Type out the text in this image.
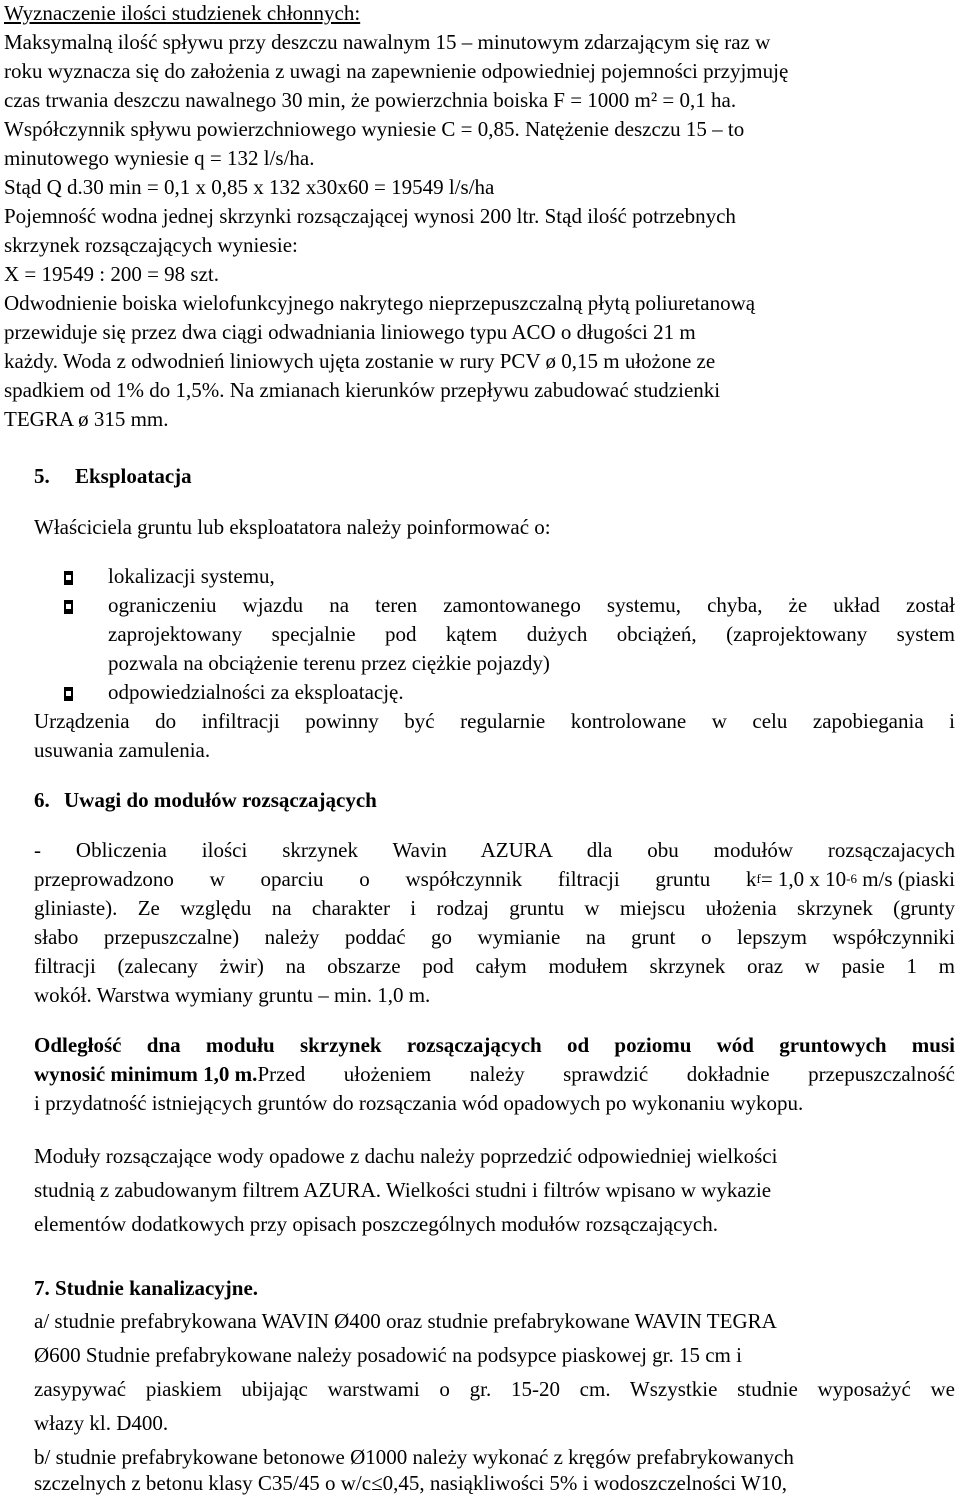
Wyznaczenie ilości studzienek chłonnych:
Maksymalną ilość spływu przy deszczu nawalnym 15 – minutowym zdarzającym się raz w
roku wyznacza się do założenia z uwagi na zapewnienie odpowiedniej pojemności przyjmuję
czas trwania deszczu nawalnego 30 min, że powierzchnia boiska F = 1000 m² = 0,1 ha.
Współczynnik spływu powierzchniowego wyniesie C = 0,85. Natężenie deszczu 15 – to
minutowego wyniesie q = 132 l/s/ha.
Stąd Q d.30 min = 0,1 x 0,85 x 132 x30x60 = 19549 l/s/ha
Pojemność wodna jednej skrzynki rozsączającej wynosi 200 ltr. Stąd ilość potrzebnych
skrzynek rozsączających wyniesie:
X = 19549 : 200 = 98 szt.
Odwodnienie boiska wielofunkcyjnego nakrytego nieprzepuszczalną płytą poliuretanową
przewiduje się przez dwa ciągi odwadniania liniowego typu ACO o długości 21 m
każdy. Woda z odwodnień liniowych ujęta zostanie w rury PCV ø 0,15 m ułożone ze
spadkiem od 1% do 1,5%. Na zmianach kierunków przepływu zabudować studzienki
TEGRA ø 315 mm.
5. Eksploatacja
Właściciela gruntu lub eksploatatora należy poinformować o:
lokalizacji systemu,
ograniczeniu wjazdu na teren zamontowanego systemu, chyba, że układ został
zaprojektowany specjalnie pod kątem dużych obciążeń, (zaprojektowany system
pozwala na obciążenie terenu przez ciężkie pojazdy)
odpowiedzialności za eksploatację.
Urządzenia do infiltracji powinny być regularnie kontrolowane w celu zapobiegania i
usuwania zamulenia.
6. Uwagi do modułów rozsączających
- Obliczenia ilości skrzynek Wavin AZURA dla obu modułów rozsączajacych
przeprowadzono w oparciu o współczynnik filtracji gruntu k f = 1,0 x 10 -6 m/s (piaski
gliniaste). Ze względu na charakter i rodzaj gruntu w miejscu ułożenia skrzynek (grunty
słabo przepuszczalne) należy poddać go wymianie na grunt o lepszym współczynniki
filtracji (zalecany żwir) na obszarze pod całym modułem skrzynek oraz w pasie 1 m
wokół. Warstwa wymiany gruntu – min. 1,0 m.
Odległość dna modułu skrzynek rozsączających od poziomu wód gruntowych musi
wynosić minimum 1,0 m. Przed ułożeniem należy sprawdzić dokładnie przepuszczalność
i przydatność istniejących gruntów do rozsączania wód opadowych po wykonaniu wykopu.
Moduły rozsączające wody opadowe z dachu należy poprzedzić odpowiedniej wielkości
studnią z zabudowanym filtrem AZURA. Wielkości studni i filtrów wpisano w wykazie
elementów dodatkowych przy opisach poszczególnych modułów rozsączających.
7. Studnie kanalizacyjne.
a/ studnie prefabrykowana WAVIN Ø400 oraz studnie prefabrykowane WAVIN TEGRA
Ø600 Studnie prefabrykowane należy posadowić na podsypce piaskowej gr. 15 cm i
zasypywać piaskiem ubijając warstwami o gr. 15-20 cm. Wszystkie studnie wyposażyć we
włazy kl. D400.
b/ studnie prefabrykowane betonowe Ø1000 należy wykonać z kręgów prefabrykowanych
szczelnych z betonu klasy C35/45 o w/c≤0,45, nasiąkliwości 5% i wodoszczelności W10,
